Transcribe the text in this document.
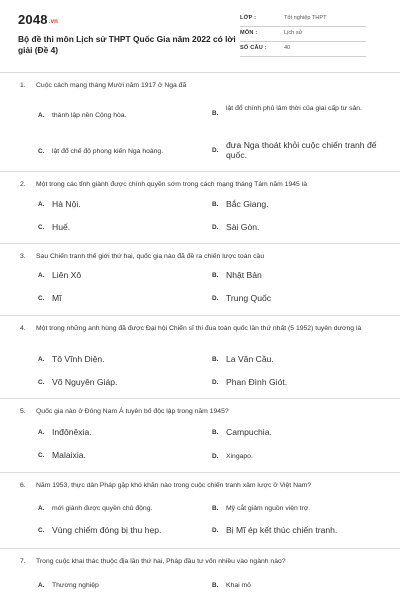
2048.vn
Bộ đề thi môn Lịch sử THPT Quốc Gia năm 2022 có lời giải (Đề 4)
LỚP :	Tốt nghiệp THPT
MÔN :	Lịch sử
SỐ CÂU :	40
1. Cuộc cách mạng tháng Mười năm 1917 ở Nga đã
A. thành lập nền Cộng hòa.	B.
lật đổ chính phủ lâm thời của giai cấp tư sản.
C. lật đổ chế độ phong kiến Nga hoàng.	D.
đưa Nga thoát khỏi cuộc chiến tranh đế quốc.
2. Một trong các tỉnh giành được chính quyền sớm trong cách mạng tháng Tám năm 1945 là
A. Hà Nội.	B. Bắc Giang.
C. Huế.	D. Sài Gòn.
3. Sau Chiến tranh thế giới thứ hai, quốc gia nào đã đề ra chiến lược toàn cầu
A. Liên Xô	B. Nhật Bản
C. Mĩ	D. Trung Quốc
4. Một trong những anh hùng đã được Đại hội Chiến sĩ thi đua toàn quốc lần thứ nhất (5 1952) tuyên dương là
A. Tô Vĩnh Diện.	B. La Văn Cầu.
C. Võ Nguyên Giáp.	D. Phan Đình Giót.
5. Quốc gia nào ở Đông Nam Á tuyên bố độc lập trong năm 1945?
A. Inđônêxia.	B. Campuchia.
C. Malaixia.	D. Xingapo.
6. Năm 1953, thực dân Pháp gặp khó khăn nào trong cuộc chiến tranh xâm lược ở Việt Nam?
A. mới giành được quyền chủ động.	B. Mỹ cắt giảm nguồn viện trợ.
C. Vùng chiếm đóng bị thu hẹp.	D. Bị Mĩ ép kết thúc chiến tranh.
7. Trong cuộc khai thác thuộc địa lần thứ hai, Pháp đầu tư vốn nhiều vào ngành nào?
A. Thương nghiệp	B. Khai mỏ
